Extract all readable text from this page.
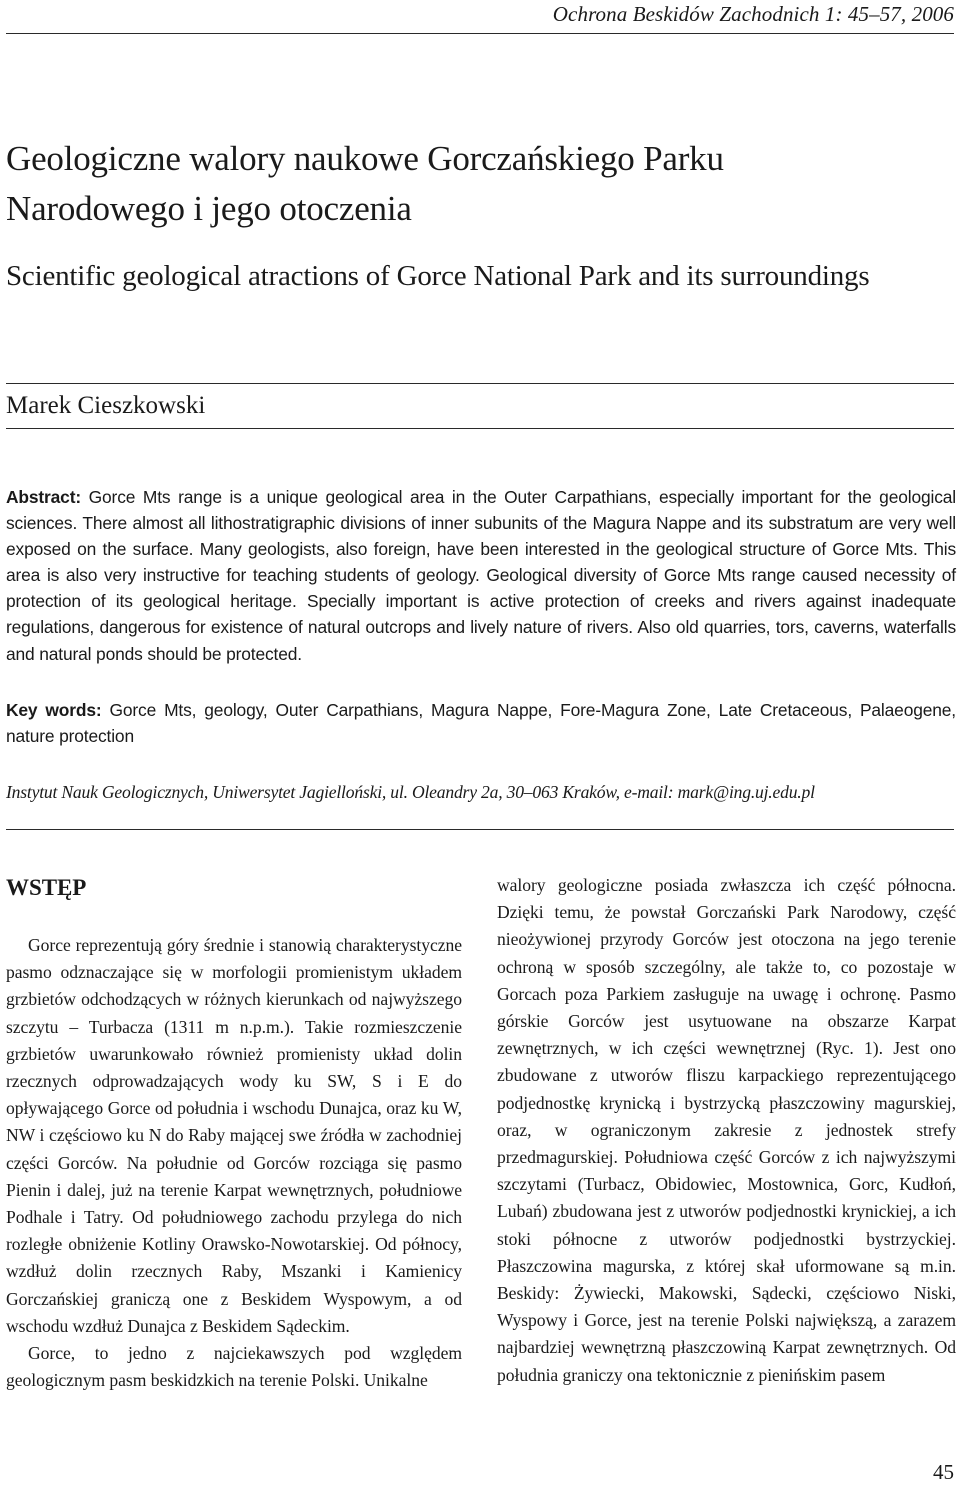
Ochrona Beskidów Zachodnich 1: 45–57, 2006
Geologiczne walory naukowe Gorczańskiego Parku Narodowego i jego otoczenia
Scientific geological atractions of Gorce National Park and its surroundings
Marek Cieszkowski

Abstract: Gorce Mts range is a unique geological area in the Outer Carpathians, especially important for the geological sciences. There almost all lithostratigraphic divisions of inner subunits of the Magura Nappe and its substratum are very well exposed on the surface. Many geologists, also foreign, have been interested in the geological structure of Gorce Mts. This area is also very instructive for teaching students of geology. Geological diversity of Gorce Mts range caused necessity of protection of its geological heritage. Specially important is active protection of creeks and rivers against inadequate regulations, dangerous for existence of natural outcrops and lively nature of rivers. Also old quarries, tors, caverns, waterfalls and natural ponds should be protected.

Key words: Gorce Mts, geology, Outer Carpathians, Magura Nappe, Fore-Magura Zone, Late Cretaceous, Palaeogene, nature protection

Instytut Nauk Geologicznych, Uniwersytet Jagielloński, ul. Oleandry 2a, 30–063 Kraków, e-mail: mark@ing.uj.edu.pl

WSTĘP

Gorce reprezentują góry średnie i stanowią charakterystyczne pasmo odznaczające się w morfologii promienistym układem grzbietów odchodzących w różnych kierunkach od najwyższego szczytu – Turbacza (1311 m n.p.m.). Takie rozmieszczenie grzbietów uwarunkowało również promienisty układ dolin rzecznych odprowadzających wody ku SW, S i E do opływającego Gorce od południa i wschodu Dunajca, oraz ku W, NW i częściowo ku N do Raby mającej swe źródła w zachodniej części Gorców. Na południe od Gorców rozciąga się pasmo Pienin i dalej, już na terenie Karpat wewnętrznych, południowe Podhale i Tatry. Od południowego zachodu przylega do nich rozległe obniżenie Kotliny Orawsko-Nowotarskiej. Od północy, wzdłuż dolin rzecznych Raby, Mszanki i Kamienicy Gorczańskiej graniczą one z Beskidem Wyspowym, a od wschodu wzdłuż Dunajca z Beskidem Sądeckim.

Gorce, to jedno z najciekawszych pod względem geologicznym pasm beskidzkich na terenie Polski. Unikalne

walory geologiczne posiada zwłaszcza ich część północna. Dzięki temu, że powstał Gorczański Park Narodowy, część nieożywionej przyrody Gorców jest otoczona na jego terenie ochroną w sposób szczególny, ale także to, co pozostaje w Gorcach poza Parkiem zasługuje na uwagę i ochronę. Pasmo górskie Gorców jest usytuowane na obszarze Karpat zewnętrznych, w ich części wewnętrznej (Ryc. 1). Jest ono zbudowane z utworów fliszu karpackiego reprezentującego podjednostkę krynicką i bystrzycką płaszczowiny magurskiej, oraz, w ograniczonym zakresie z jednostek strefy przedmagurskiej. Południowa część Gorców z ich najwyższymi szczytami (Turbacz, Obidowiec, Mostownica, Gorc, Kudłoń, Lubań) zbudowana jest z utworów podjednostki krynickiej, a ich stoki północne z utworów podjednostki bystrzyckiej. Płaszczowina magurska, z której skał uformowane są m.in. Beskidy: Żywiecki, Makowski, Sądecki, częściowo Niski, Wyspowy i Gorce, jest na terenie Polski największą, a zarazem najbardziej wewnętrzną płaszczowiną Karpat zewnętrznych. Od południa graniczy ona tektonicznie z pienińskim pasem

45
